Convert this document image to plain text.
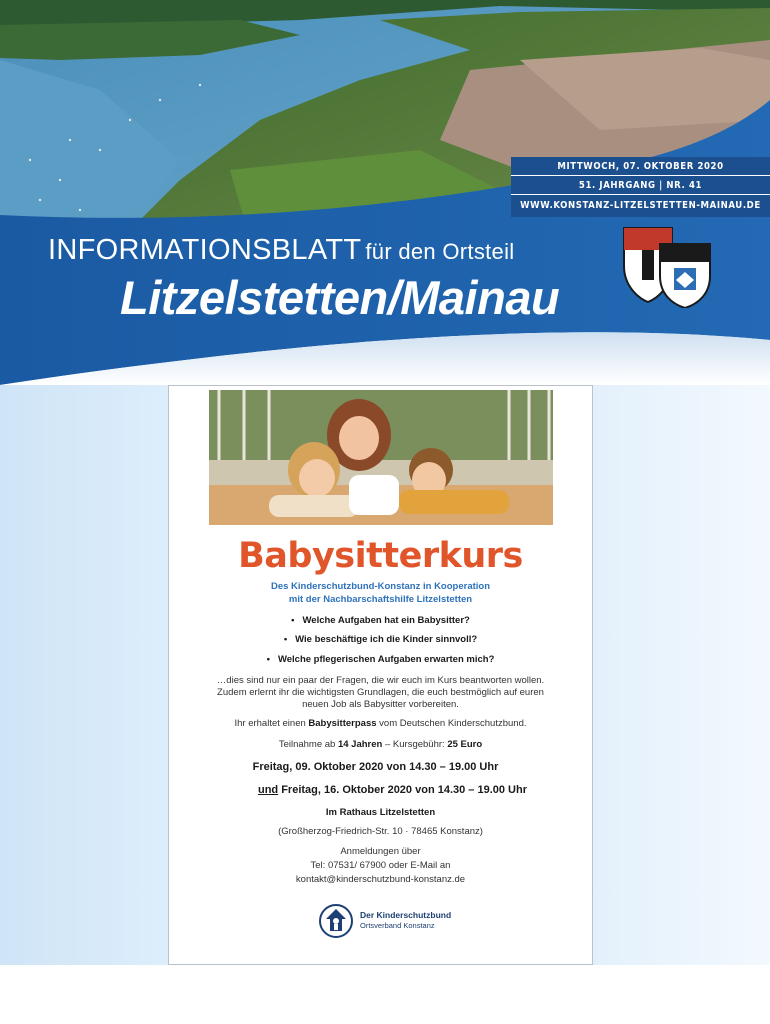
MITTWOCH, 07. OKTOBER 2020
51. JAHRGANG | NR. 41
WWW.KONSTANZ-LITZELSTETTEN-MAINAU.DE
INFORMATIONSBLATT für den Ortsteil
Litzelstetten/Mainau
Babysitterkurs
Des Kinderschutzbund-Konstanz in Kooperation
mit der Nachbarschaftshilfe Litzelstetten
• Welche Aufgaben hat ein Babysitter?
• Wie beschäftige ich die Kinder sinnvoll?
• Welche pflegerischen Aufgaben erwarten mich?
…dies sind nur ein paar der Fragen, die wir euch im Kurs beantworten wollen.
Zudem erlernt ihr die wichtigsten Grundlagen, die euch bestmöglich auf euren
neuen Job als Babysitter vorbereiten.
Ihr erhaltet einen Babysitterpass vom Deutschen Kinderschutzbund.
Teilnahme ab 14 Jahren – Kursgebühr: 25 Euro
Freitag, 09. Oktober 2020 von 14.30 – 19.00 Uhr
und Freitag, 16. Oktober 2020 von 14.30 – 19.00 Uhr
Im Rathaus Litzelstetten
(Großherzog-Friedrich-Str. 10 · 78465 Konstanz)
Anmeldungen über
Tel: 07531/ 67900 oder E-Mail an
kontakt@kinderschutzbund-konstanz.de
Der Kinderschutzbund
Ortsverband Konstanz
